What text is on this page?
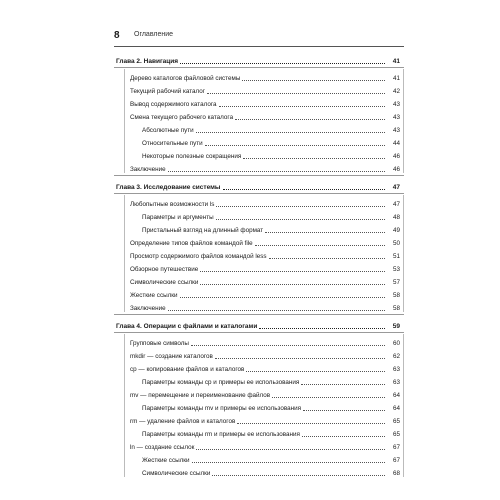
8 Оглавление
Глава 2. Навигация	41
Дерево каталогов файловой системы	41
Текущий рабочий каталог	42
Вывод содержимого каталога	43
Смена текущего рабочего каталога	43
Абсолютные пути	43
Относительные пути	44
Некоторые полезные сокращения	46
Заключение	46
Глава 3. Исследование системы	47
Любопытные возможности ls	47
Параметры и аргументы	48
Пристальный взгляд на длинный формат	49
Определение типов файлов командой file	50
Просмотр содержимого файлов командой less	51
Обзорное путешествие	53
Символические ссылки	57
Жесткие ссылки	58
Заключение	58
Глава 4. Операции с файлами и каталогами	59
Групповые символы	60
mkdir — создание каталогов	62
cp — копирование файлов и каталогов	63
Параметры команды cp и примеры ее использования	63
mv — перемещение и переименование файлов	64
Параметры команды mv и примеры ее использования	64
rm — удаление файлов и каталогов	65
Параметры команды rm и примеры ее использования	65
ln — создание ссылок	67
Жесткие ссылки	67
Символические ссылки	68
